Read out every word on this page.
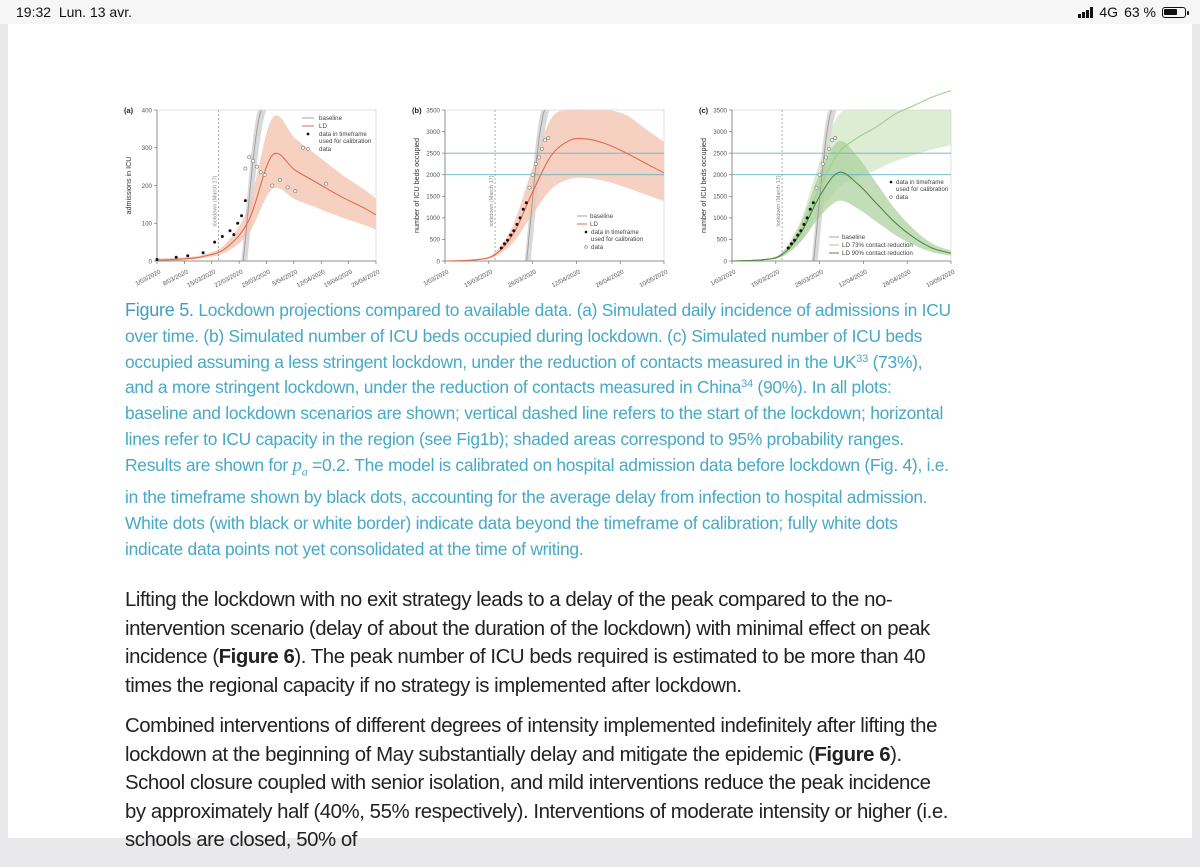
19:32 Lun. 13 avr.	4G 63 %
(a)
0
100
200
300
400
admissions in ICU
1/03/2020 8/03/2020
15/03/2020
22/03/2020
29/03/2020 5/04/2020
12/04/2020
19/04/2020
26/04/2020
lockdown (March 17)
baseline
LD
data in timeframe
used for calibration
data
(b)
0
500
1000
1500
2000
2500
3000
3500
number of ICU beds occupied
1/03/2020 15/03/2020 29/03/2020 12/04/2020 26/04/2020 10/05/2020
lockdown (March 17)	baseline
LD
data in timeframe
used for calibration
data
(c)
0
500
1000
1500
2000
2500
3000
3500
number of ICU beds occupied
1/03/2020 15/03/2020 29/03/2020 12/04/2020 26/04/2020 10/05/2020
lockdown (March 17)	data in timeframe
used for calibration
data
baseline
LD 73% contact reduction
LD 90% contact reduction
Figure 5. Lockdown projections compared to available data. (a) Simulated daily incidence of admissions in ICU over time. (b) Simulated number of ICU beds occupied during lockdown. (c) Simulated number of ICU beds occupied assuming a less stringent lockdown, under the reduction of contacts measured in the UK$^{33}$ (73%), and a more stringent lockdown, under the reduction of contacts measured in China$^{34}$ (90%). In all plots: baseline and lockdown scenarios are shown; vertical dashed line refers to the start of the lockdown; horizontal lines refer to ICU capacity in the region (see Fig1b); shaded areas correspond to 95% probability ranges. Results are shown for $p_a =0.2$. The model is calibrated on hospital admission data before lockdown (Fig. 4), i.e. in the timeframe shown by black dots, accounting for the average delay from infection to hospital admission. White dots (with black or white border) indicate data beyond the timeframe of calibration; fully white dots indicate data points not yet consolidated at the time of writing.

Lifting the lockdown with no exit strategy leads to a delay of the peak compared to the no-intervention scenario (delay of about the duration of the lockdown) with minimal effect on peak incidence (Figure 6). The peak number of ICU beds required is estimated to be more than 40 times the regional capacity if no strategy is implemented after lockdown.

Combined interventions of different degrees of intensity implemented indefinitely after lifting the lockdown at the beginning of May substantially delay and mitigate the epidemic (Figure 6). School closure coupled with senior isolation, and mild interventions reduce the peak incidence by approximately half (40%, 55% respectively). Interventions of moderate intensity or higher (i.e. schools are closed, 50% of
